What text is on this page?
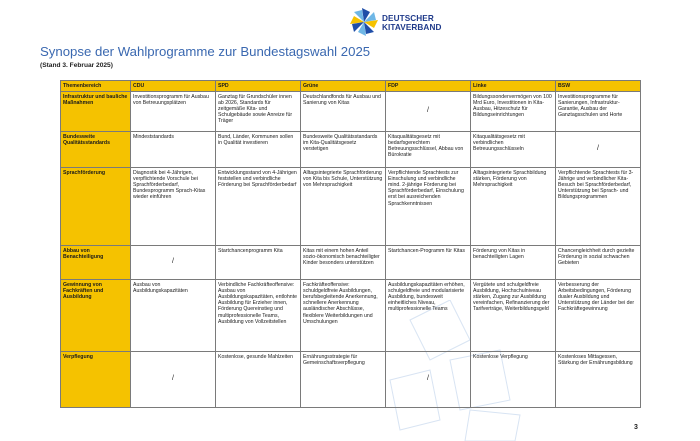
DEUTSCHER
KITAVERBAND
Synopse der Wahlprogramme zur Bundestagswahl 2025
(Stand 3. Februar 2025)
Themenbereich	CDU	SPD	Grüne	FDP	Linke	BSW
Infrastruktur und bauliche Maßnahmen	Investitionsprogramm für Ausbau von Betreuungsplätzen	Ganztag für Grundschüler innen ab 2026, Standards für zeitgemäße Kita- und Schulgebäude sowie Anreize für Träger	Deutschlandfonds für Ausbau und Sanierung von Kitas	/	Bildungssondervermögen von 100 Mrd Euro, Investitionen in Kita-Ausbau, Hitzeschutz für Bildungseinrichtungen	Investitionsprogramme für Sanierungen, Infrastruktur-Garantie, Ausbau der Ganztagsschulen und Horte
Bundesweite Qualitätsstandards	Mindeststandards	Bund, Länder, Kommunen sollen in Qualität investieren	Bundesweite Qualitätsstandards im Kita-Qualitätsgesetz verstetigen	Kitaqualitätsgesetz mit bedarfsgerechtem Betreuungsschlüssel, Abbau von Bürokratie	Kitaqualitätsgesetz mit verbindlichen Betreuungsschlüsseln	/
Sprachförderung	Diagnostik bei 4-Jährigen, verpflichtende Vorschule bei Sprachförderbedarf, Bundesprogramm Sprach-Kitas wieder einführen	Entwicklungsstand von 4-Jährigen feststellen und verbindliche Förderung bei Sprachförderbedarf	Alltagsintegrierte Sprachförderung von Kita bis Schule, Unterstützung von Mehrsprachigkeit	Verpflichtende Sprachtests zur Einschulung und verbindliche mind. 2-jährige Förderung bei Sprachförderbedarf, Einschulung erst bei ausreichenden Sprachkenntnissen	Alltagsintegrierte Sprachbildung stärken, Förderung von Mehrsprachigkeit	Verpflichtende Sprachtests für 3-Jährige und verbindlicher Kita-Besuch bei Sprachförderbedarf, Unterstützung bei Sprach- und Bildungsprogrammen
Abbau von Benachteiligung	/	Startchancenprogramm Kita	Kitas mit einem hohen Anteil sozio-ökonomisch benachteiligter Kinder besonders unterstützen	Startchancen-Programm für Kitas	Förderung von Kitas in benachteiligten Lagen	Chancengleichheit durch gezielte Förderung in sozial schwachen Gebieten
Gewinnung von Fachkräften und Ausbildung	Ausbau von Ausbildungskapazitäten	Verbindliche Fachkräfteoffensive: Ausbau von Ausbildungskapazitäten, entlohnte Ausbildung für Erzieher innen, Förderung Quereinstieg und multiprofessionelle Teams, Ausbildung von Vollzeitstellen	Fachkräfteoffensive: schuldgeldfreie Ausbildungen, berufsbegleitende Anerkennung, schnellere Anerkennung ausländischer Abschlüsse, flexiblere Weiterbildungen und Umschulungen	Ausbildungskapazitäten erhöhen, schulgeldfreie und modularisierte Ausbildung, bundesweit einheitliches Niveau, multiprofessionelle Teams	Vergütete und schulgeldfreie Ausbildung, Hochschulniveau stärken, Zugang zur Ausbildung vereinfachen, Refinanzierung der Tarifverträge, Weiterbildungsgeld	Verbesserung der Arbeitsbedingungen, Förderung dualer Ausbildung und Unterstützung der Länder bei der Fachkräftegewinnung
Verpflegung	/	Kostenlose, gesunde Mahlzeiten	Ernährungsstrategie für Gemeinschaftsverpflegung	/	Kostenlose Verpflegung	Kostenloses Mittagessen, Stärkung der Ernährungsbildung
3
